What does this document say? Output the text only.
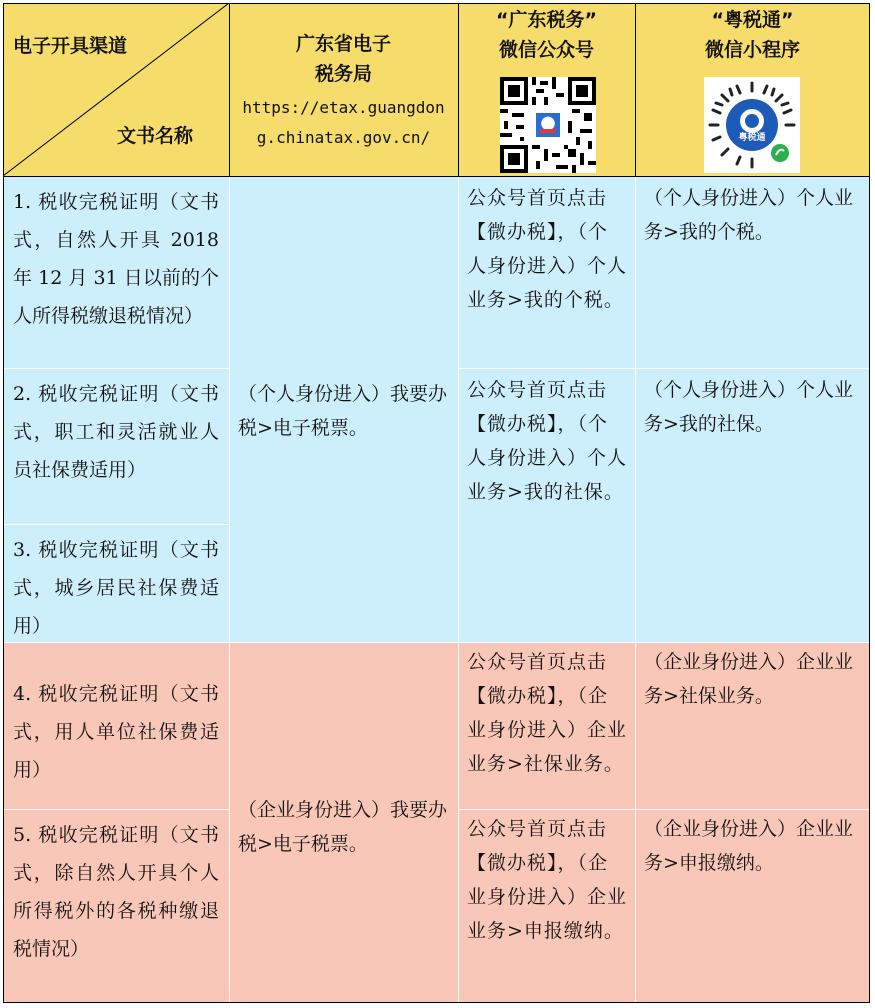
电子开具渠道
文书名称
广东省电子
税务局
https://etax.guangdong.chinatax.gov.cn/
“广东税务”
微信公众号
“粤税通”
微信小程序
粤税通
1. 税收完税证明（文书式，自然人开具 2018 年 12 月 31 日以前的个人所得税缴退税情况）
2. 税收完税证明（文书式，职工和灵活就业人员社保费适用）
3. 税收完税证明（文书式，城乡居民社保费适用）
（个人身份进入）我要办税>电子税票。
公众号首页点击【微办税】，（个人身份进入）个人业务>我的个税。
公众号首页点击【微办税】，（个人身份进入）个人业务>我的社保。
（个人身份进入）个人业务>我的个税。
（个人身份进入）个人业务>我的社保。
4. 税收完税证明（文书式，用人单位社保费适用）
5. 税收完税证明（文书式，除自然人开具个人所得税外的各税种缴退税情况）
（企业身份进入）我要办税>电子税票。
公众号首页点击【微办税】，（企业身份进入）企业业务>社保业务。
公众号首页点击【微办税】，（企业身份进入）企业业务>申报缴纳。
（企业身份进入）企业业务>社保业务。
（企业身份进入）企业业务>申报缴纳。
